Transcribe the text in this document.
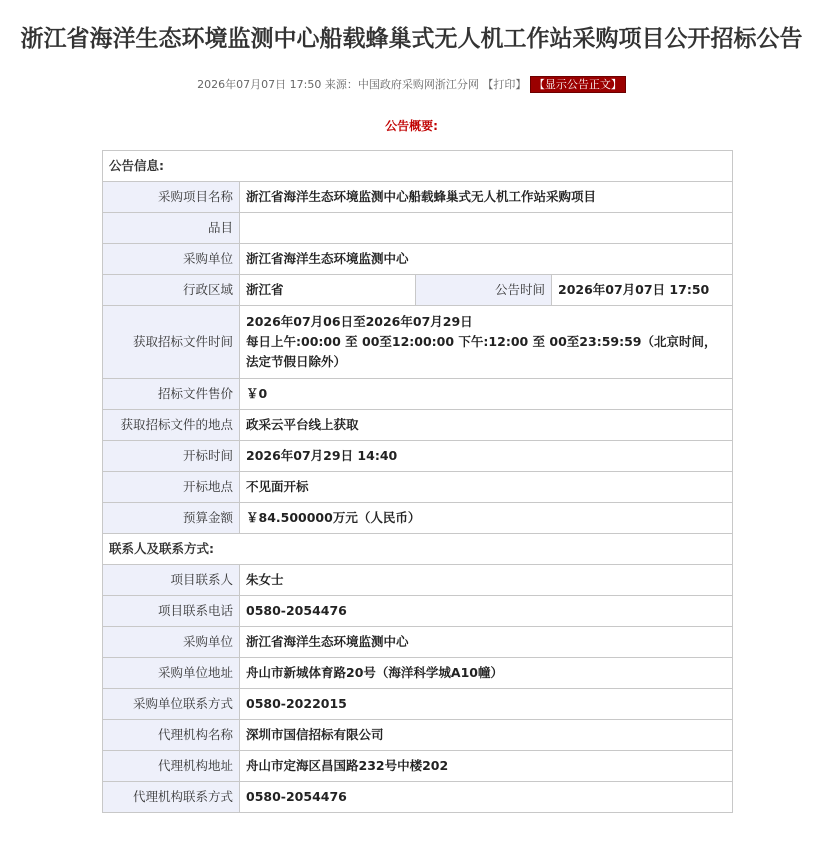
浙江省海洋生态环境监测中心船载蜂巢式无人机工作站采购项目公开招标公告
2026年07月07日 17:50 来源：中国政府采购网浙江分网 【打印】 【显示公告正文】
公告概要:
公告信息:			
采购项目名称	浙江省海洋生态环境监测中心船载蜂巢式无人机工作站采购项目		
品目			
采购单位	浙江省海洋生态环境监测中心		
行政区域	浙江省	公告时间	2026年07月07日 17:50
获取招标文件时间	2026年07月06日至2026年07月29日
每日上午:00:00 至 00至12:00:00 下午:12:00 至 00至23:59:59（北京时间，法定节假日除外）		

招标文件售价	￥0		
获取招标文件的地点	政采云平台线上获取		
开标时间	2026年07月29日 14:40		
开标地点	不见面开标		
预算金额	￥84.500000万元（人民币）		
联系人及联系方式:			
项目联系人	朱女士		
项目联系电话	0580-2054476		
采购单位	浙江省海洋生态环境监测中心		
采购单位地址	舟山市新城体育路20号（海洋科学城A10幢）		
采购单位联系方式	0580-2022015		
代理机构名称	深圳市国信招标有限公司		
代理机构地址	舟山市定海区昌国路232号中楼202		
代理机构联系方式	0580-2054476		
